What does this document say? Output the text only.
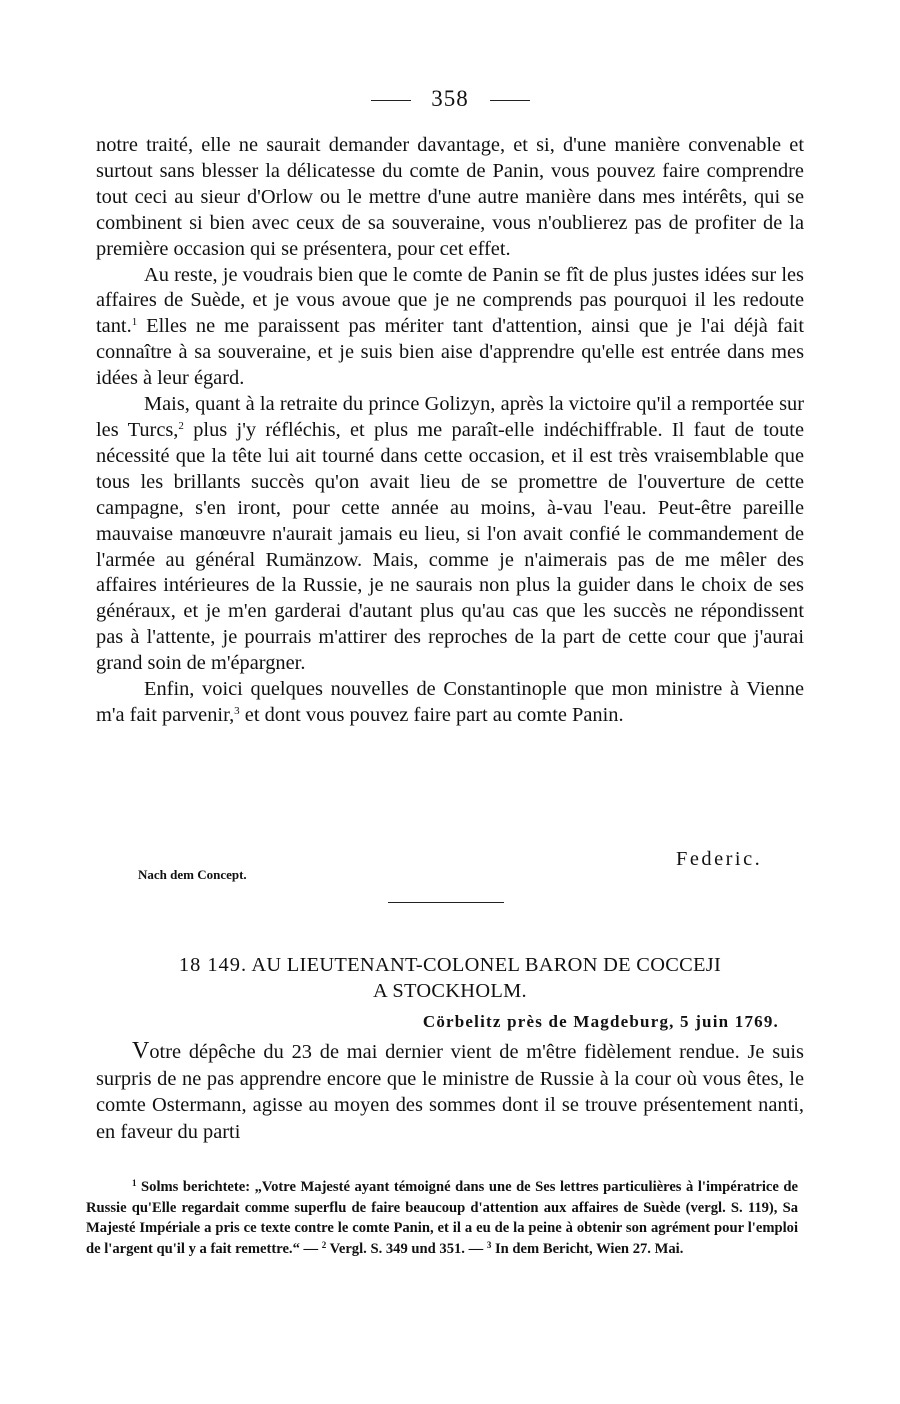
358

notre traité, elle ne saurait demander davantage, et si, d'une manière convenable et surtout sans blesser la délicatesse du comte de Panin, vous pouvez faire comprendre tout ceci au sieur d'Orlow ou le mettre d'une autre manière dans mes intérêts, qui se combinent si bien avec ceux de sa souveraine, vous n'oublierez pas de profiter de la première occasion qui se présentera, pour cet effet.

Au reste, je voudrais bien que le comte de Panin se fît de plus justes idées sur les affaires de Suède, et je vous avoue que je ne comprends pas pourquoi il les redoute tant.$^1$ Elles ne me paraissent pas mériter tant d'attention, ainsi que je l'ai déjà fait connaître à sa souveraine, et je suis bien aise d'apprendre qu'elle est entrée dans mes idées à leur égard.

Mais, quant à la retraite du prince Golizyn, après la victoire qu'il a remportée sur les Turcs,$^2$ plus j'y réfléchis, et plus me paraît-elle indéchiffrable. Il faut de toute nécessité que la tête lui ait tourné dans cette occasion, et il est très vraisemblable que tous les brillants succès qu'on avait lieu de se promettre de l'ouverture de cette campagne, s'en iront, pour cette année au moins, à-vau l'eau. Peut-être pareille mauvaise manœuvre n'aurait jamais eu lieu, si l'on avait confié le commandement de l'armée au général Rumänzow. Mais, comme je n'aimerais pas de me mêler des affaires intérieures de la Russie, je ne saurais non plus la guider dans le choix de ses généraux, et je m'en garderai d'autant plus qu'au cas que les succès ne répondissent pas à l'attente, je pourrais m'attirer des reproches de la part de cette cour que j'aurai grand soin de m'épargner.

Enfin, voici quelques nouvelles de Constantinople que mon ministre à Vienne m'a fait parvenir,$^3$ et dont vous pouvez faire part au comte Panin.

Federic.
Nach dem Concept.
18 149. AU LIEUTENANT-COLONEL BARON DE COCCEJI
A STOCKHOLM.
Cörbelitz près de Magdeburg, 5 juin 1769.

Votre dépêche du 23 de mai dernier vient de m'être fidèlement rendue. Je suis surpris de ne pas apprendre encore que le ministre de Russie à la cour où vous êtes, le comte Ostermann, agisse au moyen des sommes dont il se trouve présentement nanti, en faveur du parti

$^1$ Solms berichtete: „Votre Majesté ayant témoigné dans une de Ses lettres particulières à l'impératrice de Russie qu'Elle regardait comme superflu de faire beaucoup d'attention aux affaires de Suède (vergl. S. 119), Sa Majesté Impériale a pris ce texte contre le comte Panin, et il a eu de la peine à obtenir son agrément pour l'emploi de l'argent qu'il y a fait remettre.“ — $^2$ Vergl. S. 349 und 351. — $^3$ In dem Bericht, Wien 27. Mai.
